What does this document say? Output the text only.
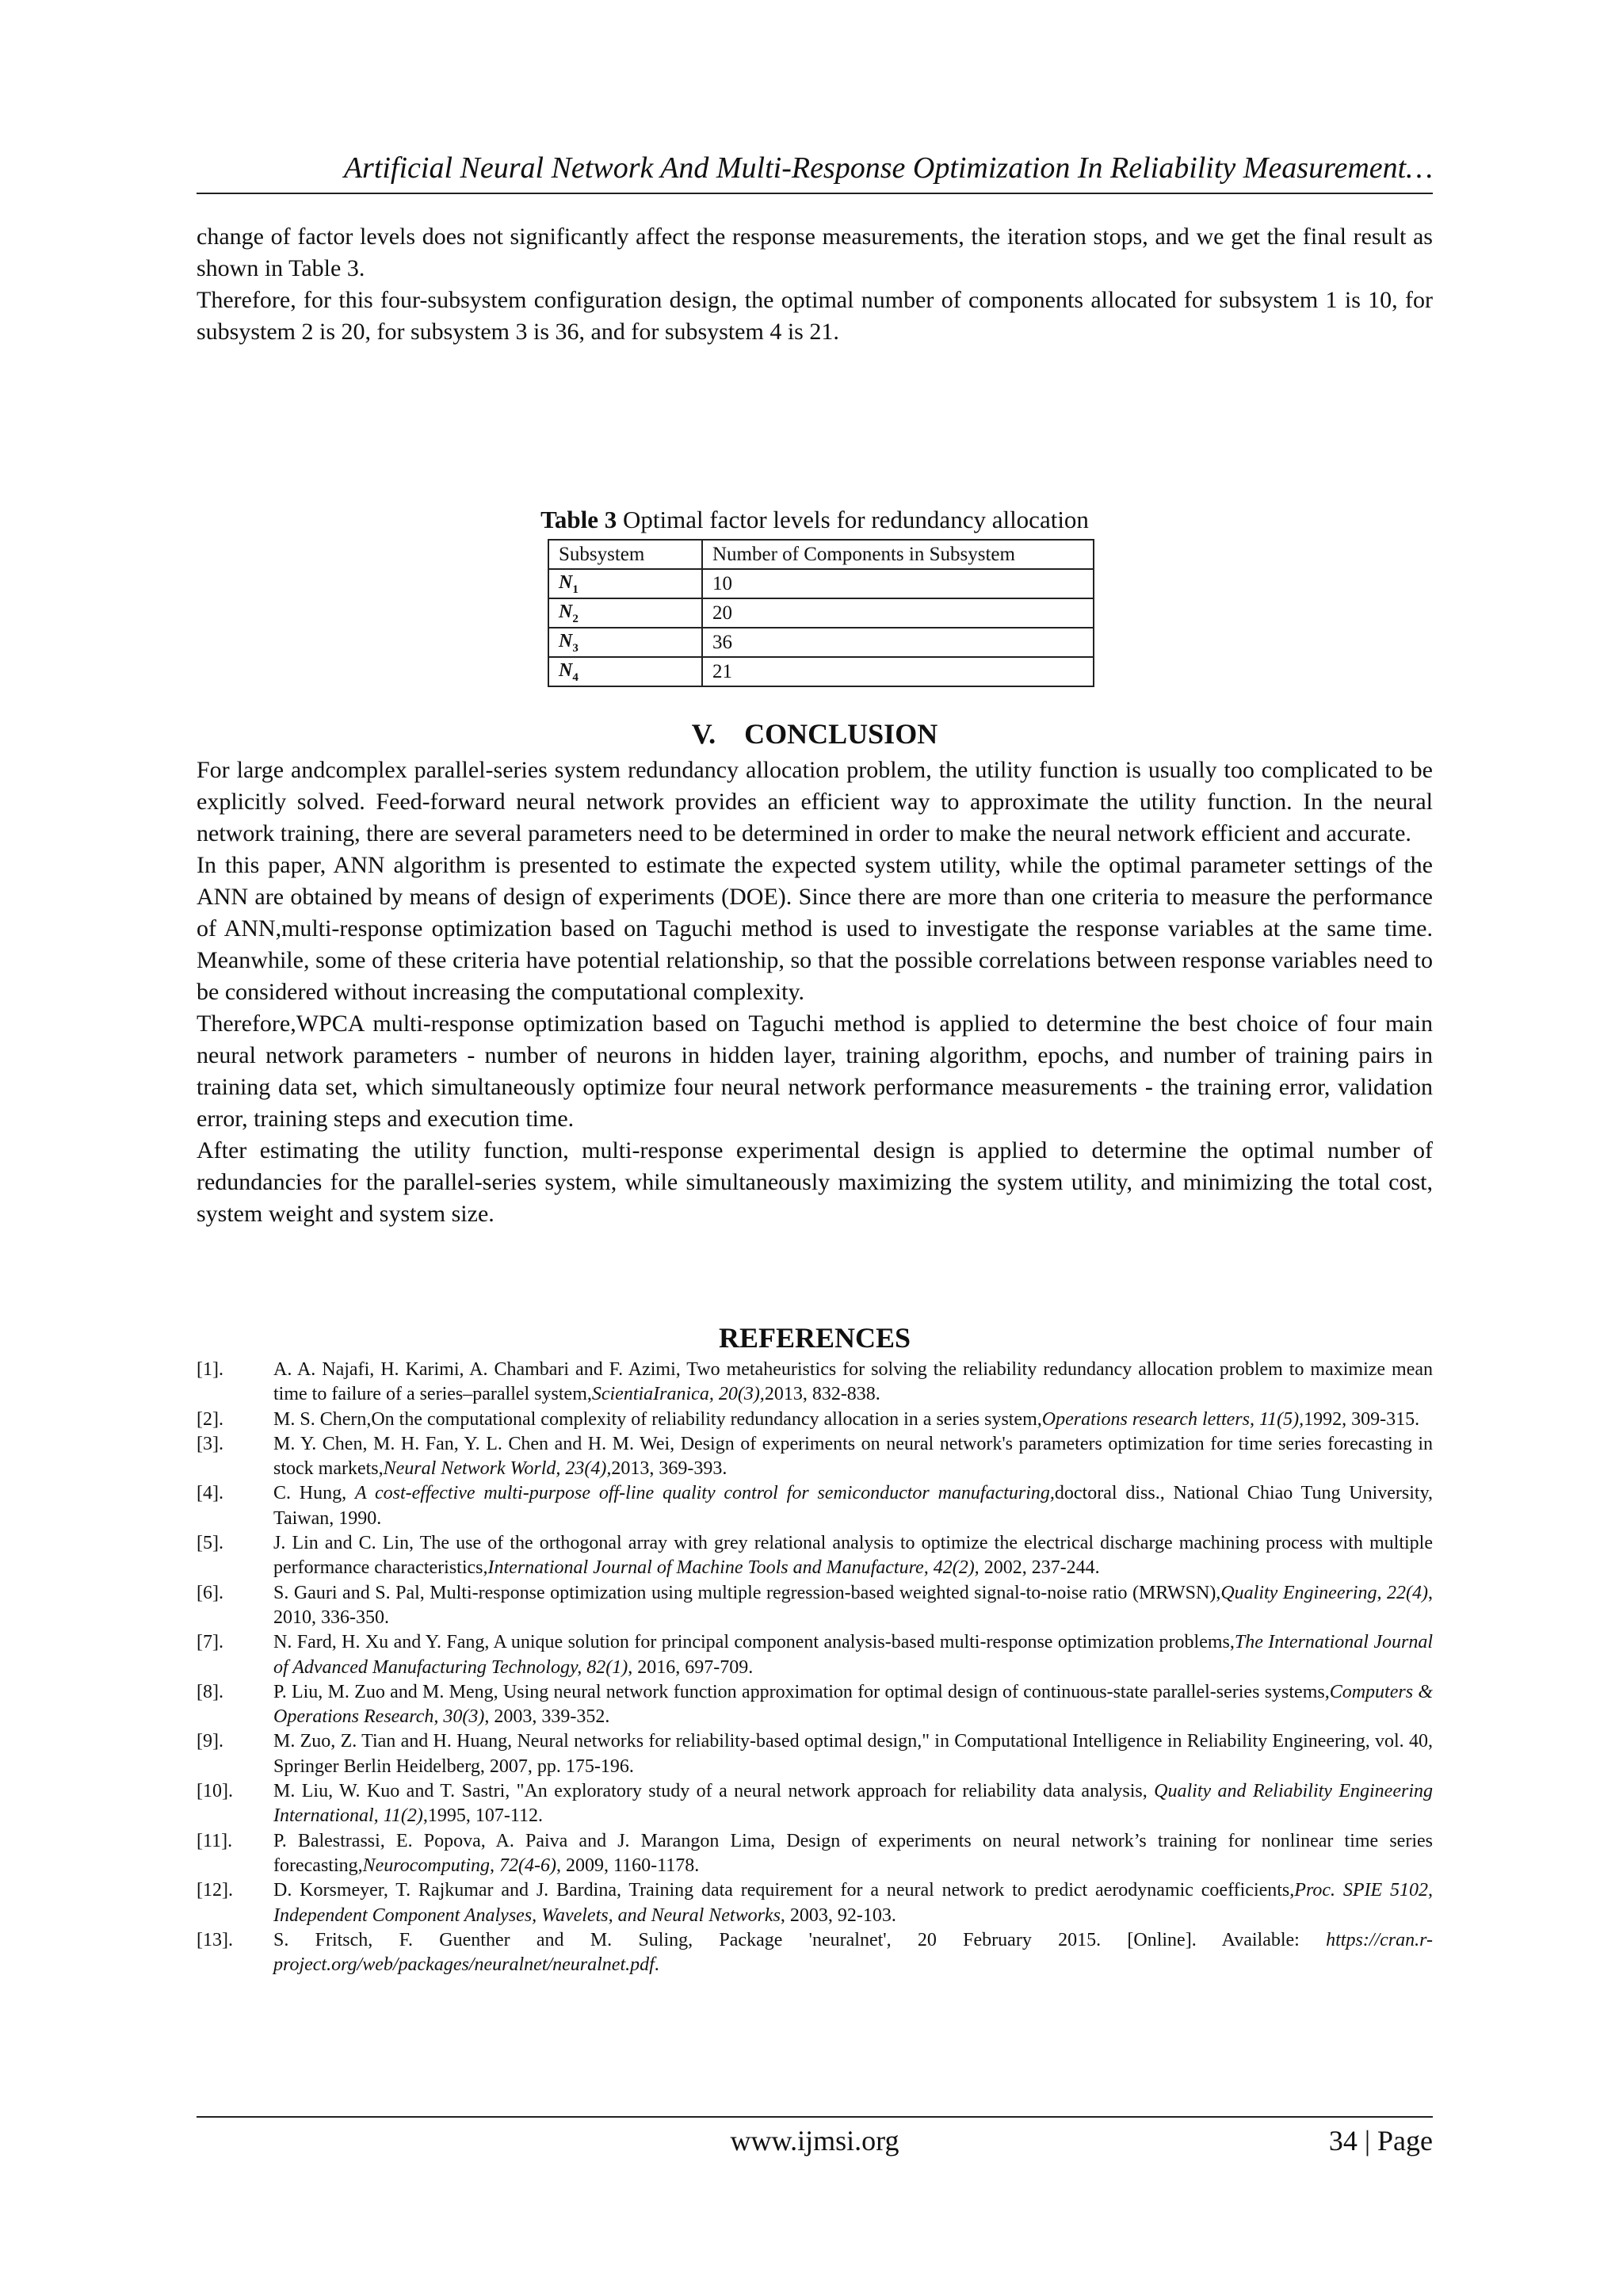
Artificial Neural Network And Multi-Response Optimization In Reliability Measurement…

change of factor levels does not significantly affect the response measurements, the iteration stops, and we get the final result as shown in Table 3.

Therefore, for this four-subsystem configuration design, the optimal number of components allocated for subsystem 1 is 10, for subsystem 2 is 20, for subsystem 3 is 36, and for subsystem 4 is 21.

Table 3 Optimal factor levels for redundancy allocation
Subsystem	Number of Components in Subsystem
$N_1$	10
$N_2$	20
$N_3$	36
$N_4$	21
V.    CONCLUSION

For large andcomplex parallel-series system redundancy allocation problem, the utility function is usually too complicated to be explicitly solved. Feed-forward neural network provides an efficient way to approximate the utility function. In the neural network training, there are several parameters need to be determined in order to make the neural network efficient and accurate.

In this paper, ANN algorithm is presented to estimate the expected system utility, while the optimal parameter settings of the ANN are obtained by means of design of experiments (DOE). Since there are more than one criteria to measure the performance of ANN,multi-response optimization based on Taguchi method is used to investigate the response variables at the same time. Meanwhile, some of these criteria have potential relationship, so that the possible correlations between response variables need to be considered without increasing the computational complexity.

Therefore,WPCA multi-response optimization based on Taguchi method is applied to determine the best choice of four main neural network parameters - number of neurons in hidden layer, training algorithm, epochs, and number of training pairs in training data set, which simultaneously optimize four neural network performance measurements - the training error, validation error, training steps and execution time.

After estimating the utility function, multi-response experimental design is applied to determine the optimal number of redundancies for the parallel-series system, while simultaneously maximizing the system utility, and minimizing the total cost, system weight and system size.

REFERENCES
[1].	A. A. Najafi, H. Karimi, A. Chambari and F. Azimi, Two metaheuristics for solving the reliability redundancy allocation problem to maximize mean time to failure of a series–parallel system,ScientiaIranica, 20(3),2013, 832-838.
[2].	M. S. Chern,On the computational complexity of reliability redundancy allocation in a series system,Operations research letters, 11(5),1992, 309-315.
[3].	M. Y. Chen, M. H. Fan, Y. L. Chen and H. M. Wei, Design of experiments on neural network's parameters optimization for time series forecasting in stock markets,Neural Network World, 23(4),2013, 369-393.
[4].	C. Hung, A cost-effective multi-purpose off-line quality control for semiconductor manufacturing,doctoral diss., National Chiao Tung University, Taiwan, 1990.
[5].	J. Lin and C. Lin, The use of the orthogonal array with grey relational analysis to optimize the electrical discharge machining process with multiple performance characteristics,International Journal of Machine Tools and Manufacture, 42(2), 2002, 237-244.
[6].	S. Gauri and S. Pal, Multi-response optimization using multiple regression-based weighted signal-to-noise ratio (MRWSN),Quality Engineering, 22(4), 2010, 336-350.
[7].	N. Fard, H. Xu and Y. Fang, A unique solution for principal component analysis-based multi-response optimization problems,The International Journal of Advanced Manufacturing Technology, 82(1), 2016, 697-709.
[8].	P. Liu, M. Zuo and M. Meng, Using neural network function approximation for optimal design of continuous-state parallel-series systems,Computers & Operations Research, 30(3), 2003, 339-352.
[9].	M. Zuo, Z. Tian and H. Huang, Neural networks for reliability-based optimal design," in Computational Intelligence in Reliability Engineering, vol. 40, Springer Berlin Heidelberg, 2007, pp. 175-196.
[10].	M. Liu, W. Kuo and T. Sastri, "An exploratory study of a neural network approach for reliability data analysis, Quality and Reliability Engineering International, 11(2),1995, 107-112.
[11].	P. Balestrassi, E. Popova, A. Paiva and J. Marangon Lima, Design of experiments on neural network’s training for nonlinear time series forecasting,Neurocomputing, 72(4-6), 2009, 1160-1178.
[12].	D. Korsmeyer, T. Rajkumar and J. Bardina, Training data requirement for a neural network to predict aerodynamic coefficients,Proc. SPIE 5102, Independent Component Analyses, Wavelets, and Neural Networks, 2003, 92-103.
[13].	S. Fritsch, F. Guenther and M. Suling, Package 'neuralnet', 20 February 2015. [Online]. Available: https://cran.r-project.org/web/packages/neuralnet/neuralnet.pdf.
www.ijmsi.org	34 | Page
